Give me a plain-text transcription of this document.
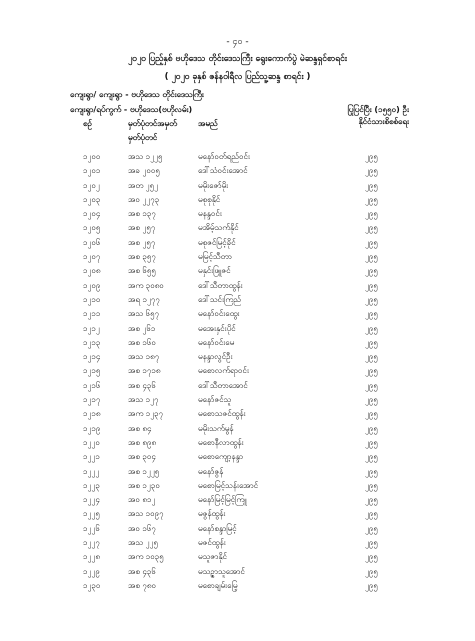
- ၄၀ -
၂၀၂၀ ပြည့်နှစ် ဗဟိုဒေသ တိုင်းဒေသကြီး ရွေးကောက်ပွဲ မဲဆန္ဒရှင်စာရင်း
( ၂၀၂၀ ခုနှစ် ဇန်နဝါရီလ ပြည်သူ့ဆန္ဒ စာရင်း )
ကျေးရွာ/ ကျေးရွာ - ဗဟိုဒေသ တိုင်းဒေသကြီး
ကျေးရွာ/ရပ်ကွက် - ဗဟိုဒေသ(ဗဟိုလမ်း)	ပြုပြင်ပြီး (၁၅၅၀) ဦး
နိုင်ငံသားစိစစ်ရေး
စဉ်	မှတ်ပုံတင်အမှတ်	အမည်
မှတ်ပုံတင်
၁၂၀၀	အသ ၁၂၂၅	မနော်ဝတ်ရည်ဝင်း	၂၉၅
၁၂၀၁	အခ ၂၀၀၅	ဒေါ်သံဝင်းအောင်	၂၉၅
၁၂၀၂	အတ ၂၅၂	မမိုးဇော်မိုး	၂၉၅
၁၂၀၃	အဝ ၂၂၇၃	မစုစုနိုင်	၂၉၅
၁၂၀၄	အစ ၁၃၇	မနန္ဒဝင်း	၂၉၅
၁၂၀၅	အစ ၂၅၇	မအိမ့်သက်နိုင်	၂၉၅
၁၂၀၆	အစ ၂၅၇	မစုဇင်မြင့်ခိုင်	၂၉၅
၁၂၀၇	အစ ၃၅၇	မမြင့်သီတာ	၂၉၅
၁၂၀၈	အစ ၆၅၅	မနှင်းဖြူဇင်	၂၉၅
၁၂၀၉	အက ၃၀၈၀	ဒေါ်သီတာထွန်း	၂၉၅
၁၂၁၀	အရ ၁၂၇၇	ဒေါ်သင်းကြည်	၂၉၅
၁၂၁၁	အသ ၆၅၇	မနော်ဝင်းထွေး	၂၉၅
၁၂၁၂	အစ ၂၆၁	မအေးနှင်းပိုင်	၂၉၅
၁၂၁၃	အစ ၁၆၀	မနော်ဝင်းမေ	၂၉၅
၁၂၁၄	အသ ၁၈၇	မနန္ဒာလွင်ဦး	၂၉၅
၁၂၁၅	အစ ၁၇၁၈	မစောလက်ရာဝင်း	၂၉၅
၁၂၁၆	အစ ၄၃၆	ဒေါ်သီတာအောင်	၂၉၅
၁၂၁၇	အသ ၁၂၇	မနော်ဇင်သူ	၂၉၅
၁၂၁၈	အက ၁၂၃၇	မစောသဇင်ထွန်း	၂၉၅
၁၂၁၉	အစ ၈၄	မမိုးသက်မွန်	၂၉၅
၁၂၂၀	အစ ၈၉၈	မစောနီလာထွန်း	၂၉၅
၁၂၂၁	အစ ၃၀၄	မစောကျော့နန္ဒာ	၂၉၅
၁၂၂၂	အစ ၁၂၂၅	မနော်ဇွန်	၂၉၅
၁၂၂၃	အစ ၁၂၃၀	မစောမြင့်သန်းအောင်	၂၉၅
၁၂၂၄	အဝ ၈၁၂	မနော်မြင့်မြင့်ကြူ	၂၉၅
၁၂၂၅	အသ ၁၀၉၇	မဇွန်ထွန်း	၂၉၅
၁၂၂၆	အဝ ၁၆၇	မနော်စန္ဒာမြင့်	၂၉၅
၁၂၂၇	အသ ၂၂၅	မဇင်ထွန်း	၂၉၅
၁၂၂၈	အက ၁၀၃၅	မသူဇာနိုင်	၂၉၅
၁၂၂၉	အစ ၄၃၆	မသဉ္ဇာသူအောင်	၂၉၅
၁၂၃၀	အစ ၇၈၀	မစောချမ်းမြေ့	၂၉၅
